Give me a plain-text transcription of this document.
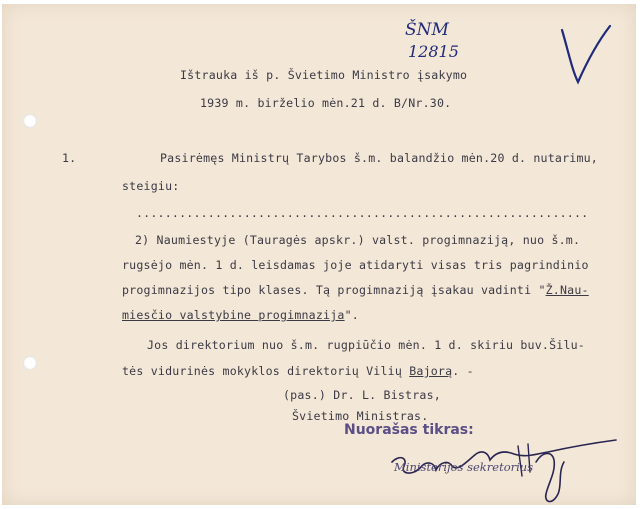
ŠNM
12815
Ištrauka iš p. Švietimo Ministro įsakymo
1939 m. birželio mėn.21 d. B/Nr.30.
1.	Pasirėmęs Ministrų Tarybos š.m. balandžio mėn.20 d. nutarimu,
steigiu:
...............................................................
2) Naumiestyje (Tauragės apskr.) valst. progimnaziją, nuo š.m.
rugsėjo mėn. 1 d. leisdamas joje atidaryti visas tris pagrindinio
progimnazijos tipo klases. Tą progimnaziją įsakau vadinti "Ž.Nau-
miesčio valstybine progimnazija".
Jos direktorium nuo š.m. rugpiūčio mėn. 1 d. skiriu buv.Šilu-
tės vidurinės mokyklos direktorių Vilių Bajorą. -
(pas.) Dr. L. Bistras,
Švietimo Ministras.
Nuorašas tikras:
Ministerijos sekretorius
